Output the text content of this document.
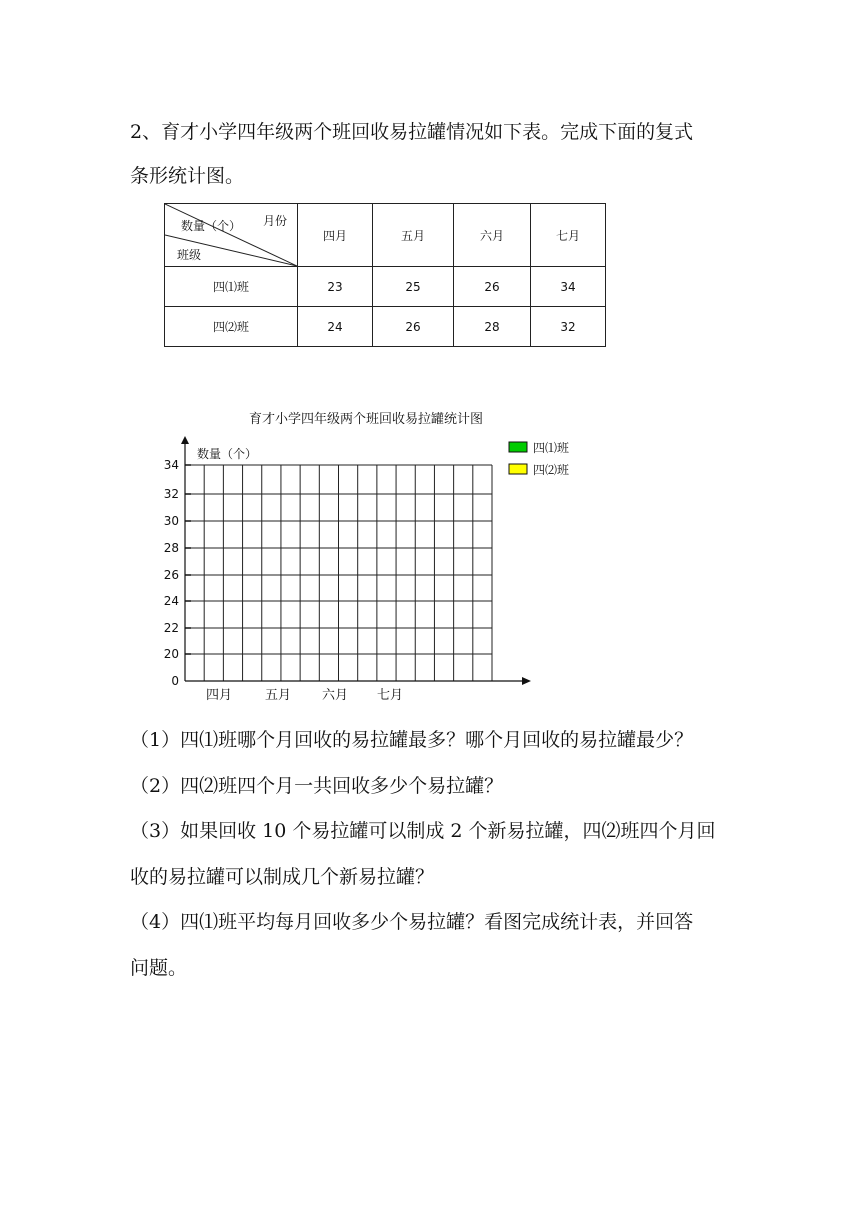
2、育才小学四年级两个班回收易拉罐情况如下表。完成下面的复式
条形统计图。
月份
数量（个）
班级	四月	五月	六月	七月
四⑴班	23	25	26	34
四⑵班	24	26	28	32
育才小学四年级两个班回收易拉罐统计图
数量（个）
0
20
22
24
26
28
30
32
34
四月	五月 六月 七月
四⑴班
四⑵班
（1）四⑴班哪个月回收的易拉罐最多？哪个月回收的易拉罐最少？
（2）四⑵班四个月一共回收多少个易拉罐？
（3）如果回收 10 个易拉罐可以制成 2 个新易拉罐，四⑵班四个月回
收的易拉罐可以制成几个新易拉罐？
（4）四⑴班平均每月回收多少个易拉罐？看图完成统计表，并回答
问题。
